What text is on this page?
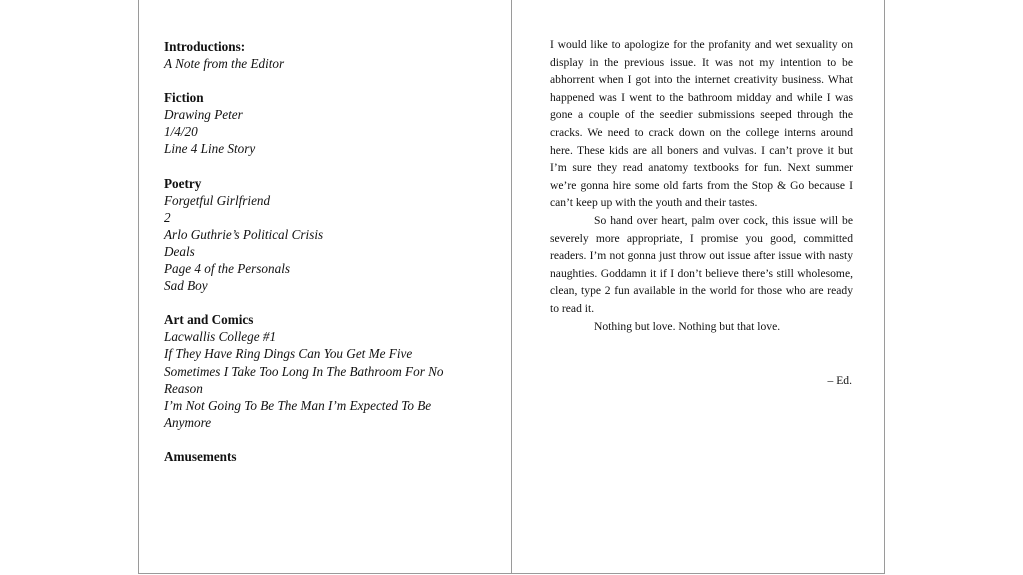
Introductions:
A Note from the Editor
Fiction
Drawing Peter
1/4/20
Line 4 Line Story
Poetry
Forgetful Girlfriend
2
Arlo Guthrie’s Political Crisis
Deals
Page 4 of the Personals
Sad Boy
Art and Comics
Lacwallis College #1
If They Have Ring Dings Can You Get Me Five
Sometimes I Take Too Long In The Bathroom For No Reason
I’m Not Going To Be The Man I’m Expected To Be Anymore
Amusements

I would like to apologize for the profanity and wet sexuality on display in the previous issue. It was not my intention to be abhorrent when I got into the internet creativity business. What happened was I went to the bathroom midday and while I was gone a couple of the seedier submissions seeped through the cracks. We need to crack down on the college interns around here. These kids are all boners and vulvas. I can’t prove it but I’m sure they read anatomy textbooks for fun. Next summer we’re gonna hire some old farts from the Stop & Go because I can’t keep up with the youth and their tastes.

So hand over heart, palm over cock, this issue will be severely more appropriate, I promise you good, committed readers. I’m not gonna just throw out issue after issue with nasty naughties. Goddamn it if I don’t believe there’s still wholesome, clean, type 2 fun available in the world for those who are ready to read it.

Nothing but love. Nothing but that love.

– Ed.
